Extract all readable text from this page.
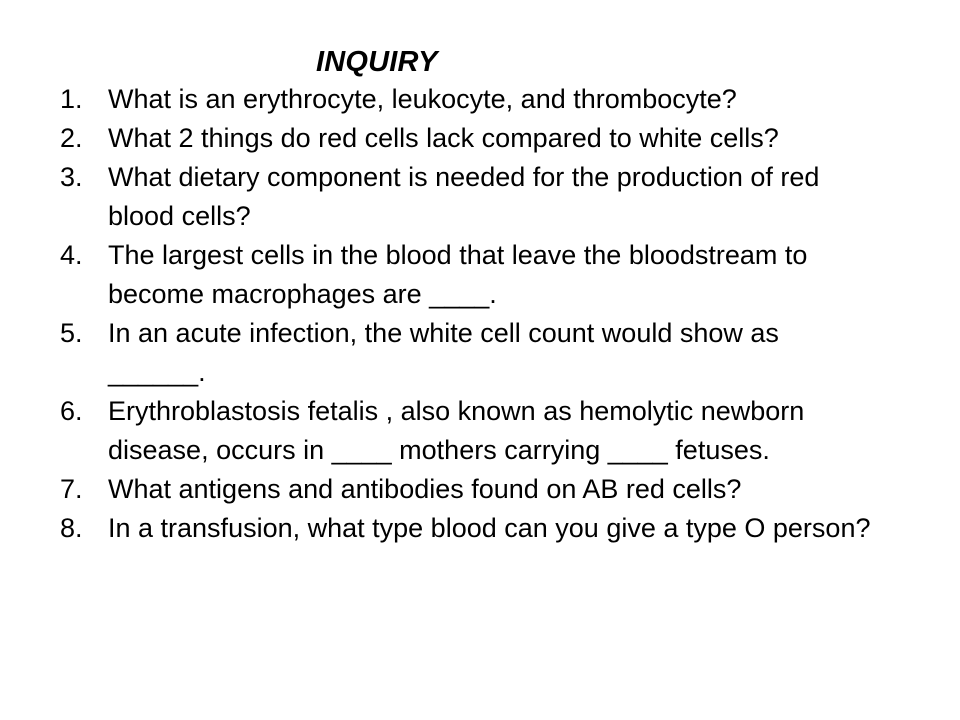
INQUIRY
1. What is an erythrocyte, leukocyte, and thrombocyte?
2. What 2 things do red cells lack compared to white cells?
3. What dietary component is needed for the production of red blood cells?
4. The largest cells in the blood that leave the bloodstream to become macrophages are ____.
5. In an acute infection, the white cell count would show as ______.
6. Erythroblastosis fetalis , also known as hemolytic newborn disease, occurs in ____ mothers carrying ____ fetuses.
7. What antigens and antibodies found on AB red cells?
8. In a transfusion, what type blood can you give a type O person?
